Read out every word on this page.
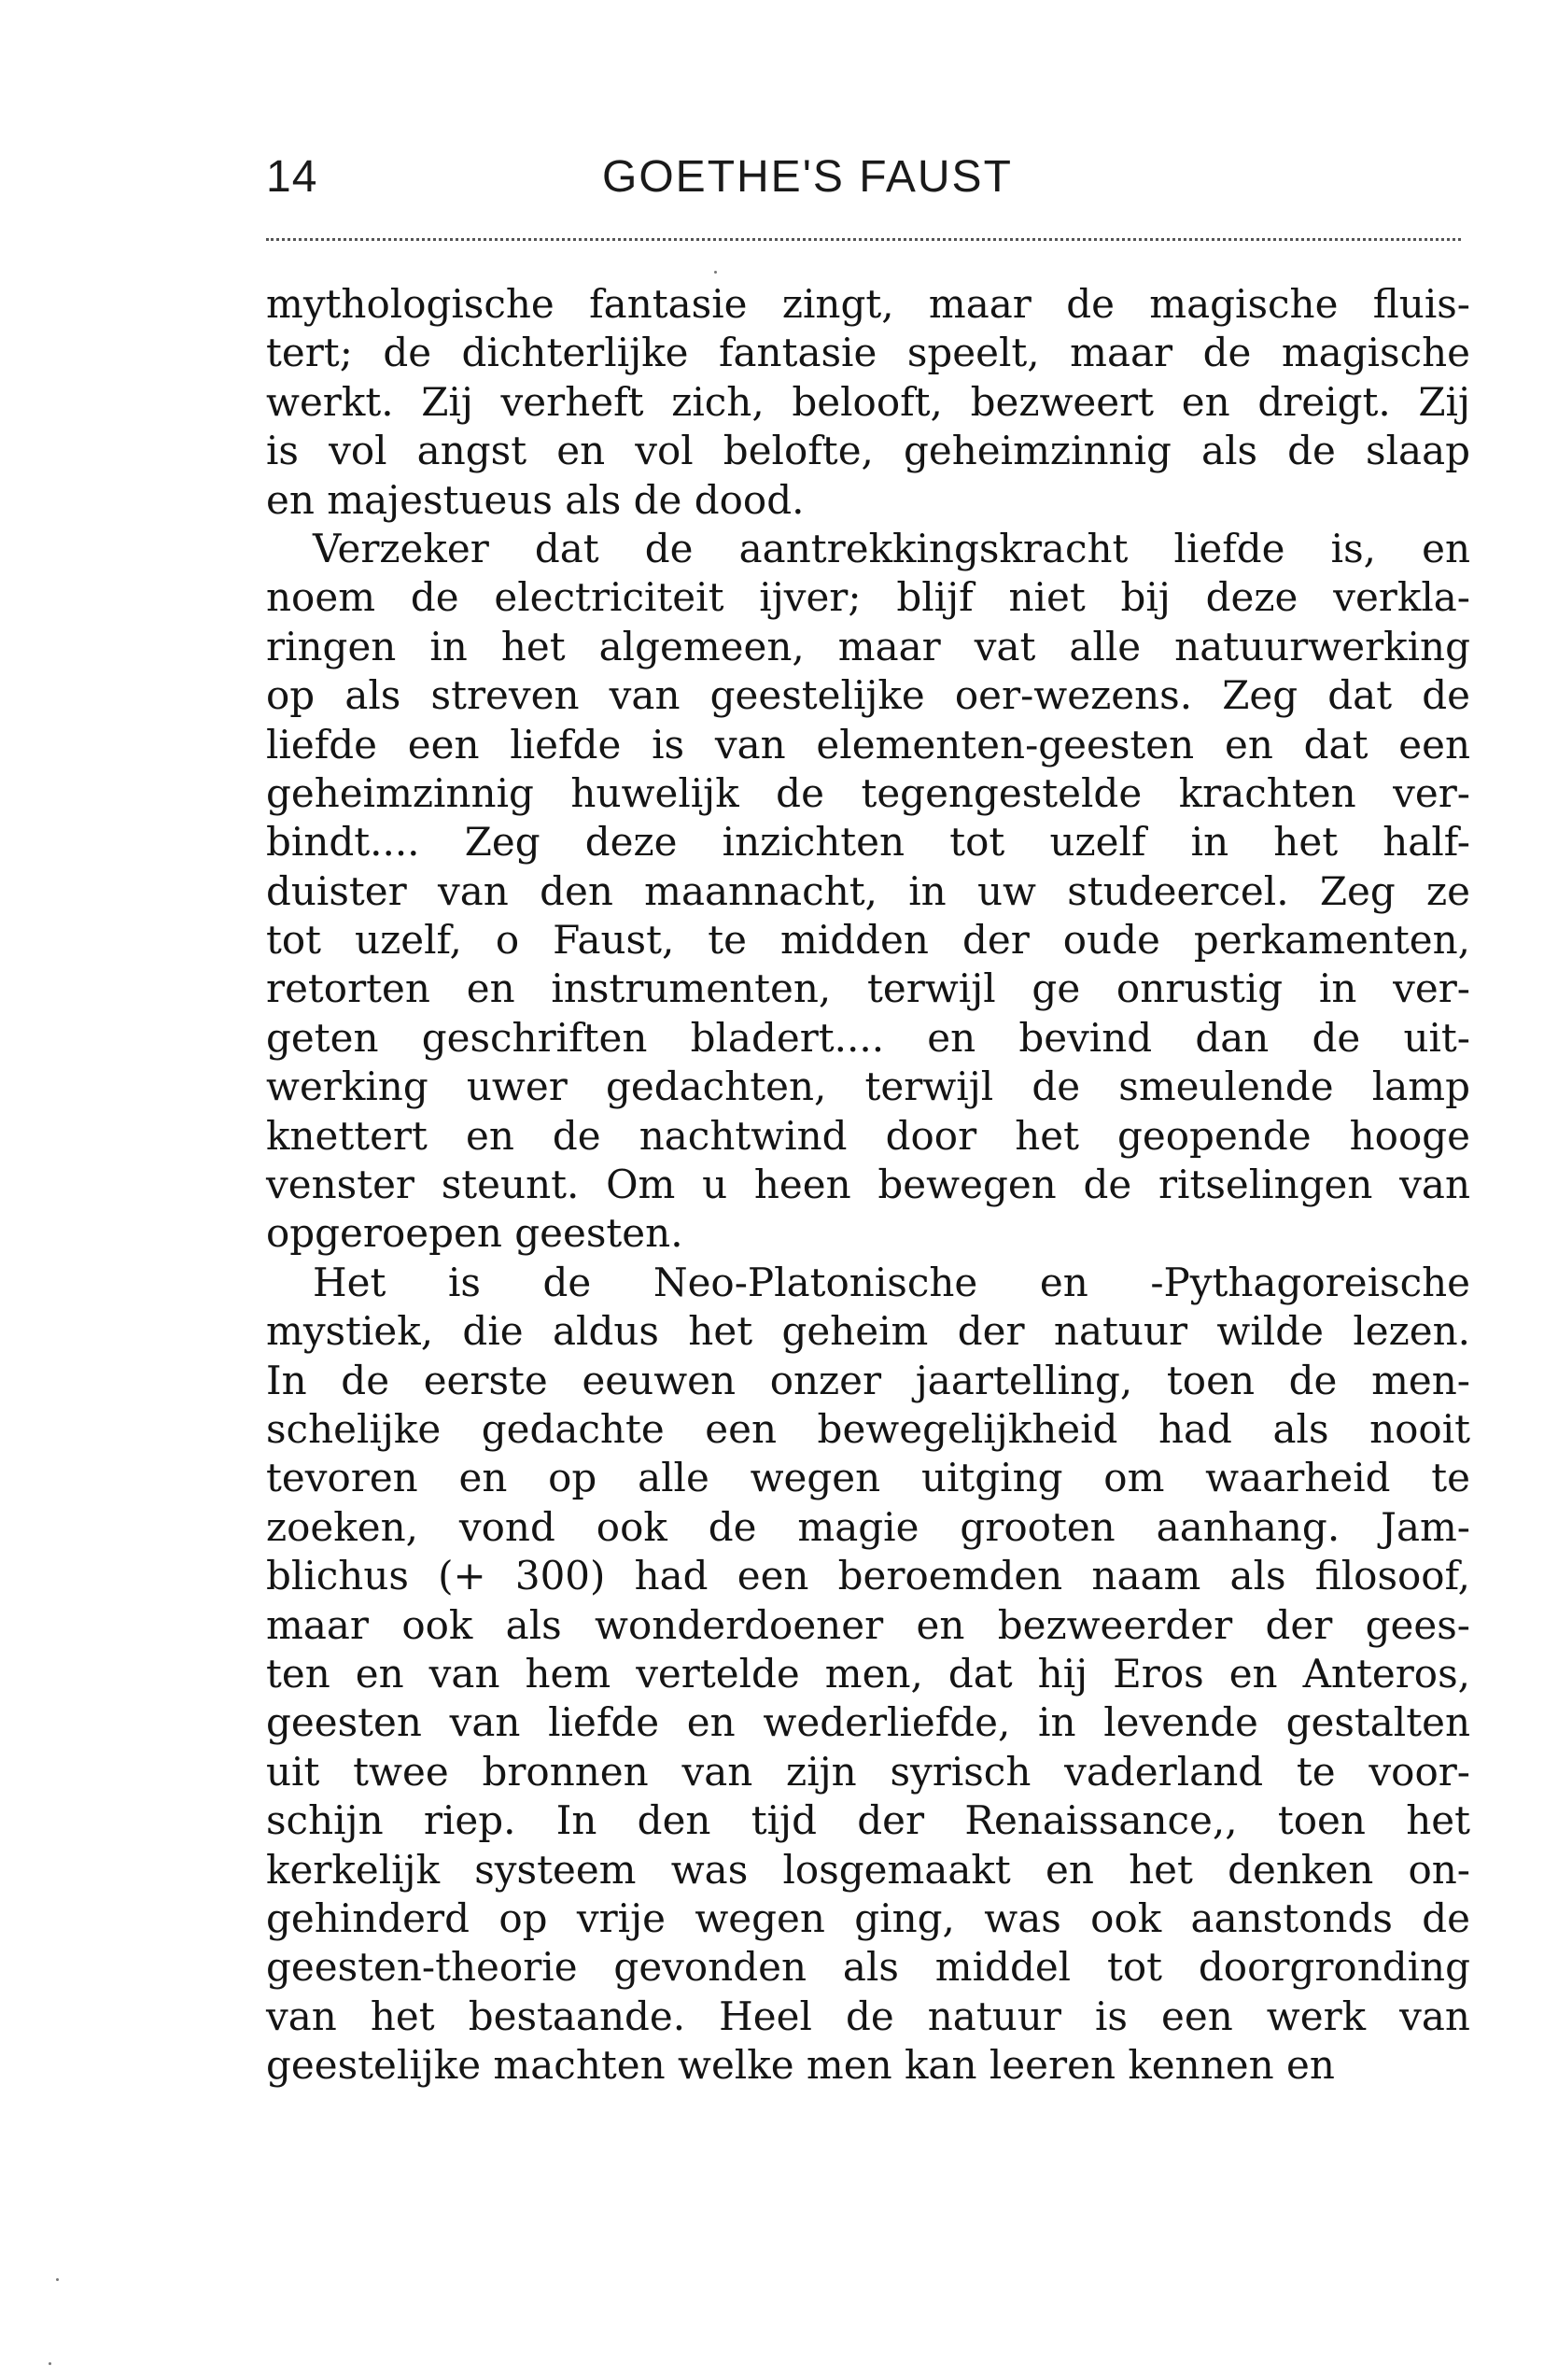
14	GOETHE'S FAUST
mythologische fantasie zingt, maar de magische fluis-
tert; de dichterlijke fantasie speelt, maar de magische
werkt. Zij verheft zich, belooft, bezweert en dreigt. Zij
is vol angst en vol belofte, geheimzinnig als de slaap
en majestueus als de dood.
Verzeker dat de aantrekkingskracht liefde is, en
noem de electriciteit ijver; blijf niet bij deze verkla-
ringen in het algemeen, maar vat alle natuurwerking
op als streven van geestelijke oer-wezens. Zeg dat de
liefde een liefde is van elementen-geesten en dat een
geheimzinnig huwelijk de tegengestelde krachten ver-
bindt.... Zeg deze inzichten tot uzelf in het half-
duister van den maannacht, in uw studeercel. Zeg ze
tot uzelf, o Faust, te midden der oude perkamenten,
retorten en instrumenten, terwijl ge onrustig in ver-
geten geschriften bladert.... en bevind dan de uit-
werking uwer gedachten, terwijl de smeulende lamp
knettert en de nachtwind door het geopende hooge
venster steunt. Om u heen bewegen de ritselingen van
opgeroepen geesten.
Het is de Neo-Platonische en -Pythagoreische
mystiek, die aldus het geheim der natuur wilde lezen.
In de eerste eeuwen onzer jaartelling, toen de men-
schelijke gedachte een bewegelijkheid had als nooit
tevoren en op alle wegen uitging om waarheid te
zoeken, vond ook de magie grooten aanhang. Jam-
blichus (+ 300) had een beroemden naam als filosoof,
maar ook als wonderdoener en bezweerder der gees-
ten en van hem vertelde men, dat hij Eros en Anteros,
geesten van liefde en wederliefde, in levende gestalten
uit twee bronnen van zijn syrisch vaderland te voor-
schijn riep. In den tijd der Renaissance,, toen het
kerkelijk systeem was losgemaakt en het denken on-
gehinderd op vrije wegen ging, was ook aanstonds de
geesten-theorie gevonden als middel tot doorgronding
van het bestaande. Heel de natuur is een werk van
geestelijke machten welke men kan leeren kennen en
